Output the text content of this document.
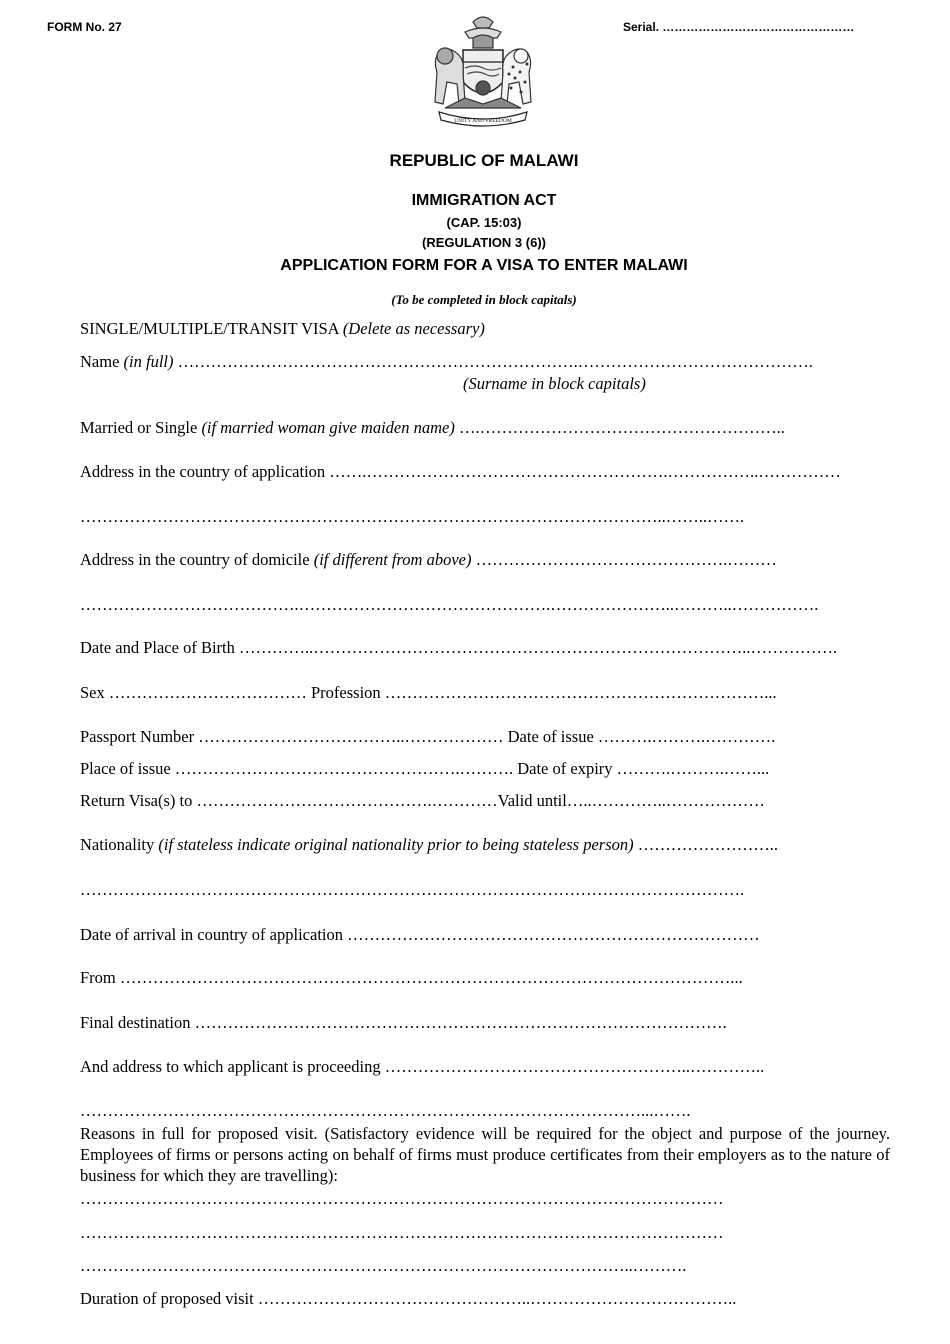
FORM No. 27	Serial. …………………………………………
UNITY AND FREEDOM
REPUBLIC OF MALAWI
IMMIGRATION ACT
(CAP. 15:03)
(REGULATION 3 (6))
APPLICATION FORM FOR A VISA TO ENTER MALAWI
(To be completed in block capitals)
SINGLE/MULTIPLE/TRANSIT VISA (Delete as necessary)
Name (in full) ……………………………………………………………….…………………………………….
(Surname in block capitals)
Married or Single (if married woman give maiden name) ….………………………………………………..
Address in the country of application …….……………………………………………….……………..……………
……………………………………………………………………………………………..……..…….
Address in the country of domicile (if different from above) ……………………………………….………
………………………………….……………………………………….…………………..………..…………….
Date and Place of Birth …………..……………………………………………………………………..…………….
Sex ……………………………… Profession ……………………………………………………………...
Passport Number ………………………………..……………… Date of issue ……….……….………….
Place of issue …………………………………………….………. Date of expiry ……….……….……...
Return Visa(s) to …………………………………….…………Valid until…..…………..………………
Nationality (if stateless indicate original nationality prior to being stateless person) ……………………..
………………………………………………………………………………………………………….
Date of arrival in country of application …………………………………………………………………
From …………………………………………………………………………………………………...
Final destination …………………………………………………………………………………….
And address to which applicant is proceeding ………………………………………………..…………..
…………………………………………………………………………………………...…….
Reasons in full for proposed visit. (Satisfactory evidence will be required for the object and purpose of the journey. Employees of firms or persons acting on behalf of firms must produce certificates from their employers as to the nature of business for which they are travelling):
………………………………………………………………………………………………………
………………………………………………………………………………………………………
………………………………………………………………………………………..……….
Duration of proposed visit …………………………………………..………………………………..
